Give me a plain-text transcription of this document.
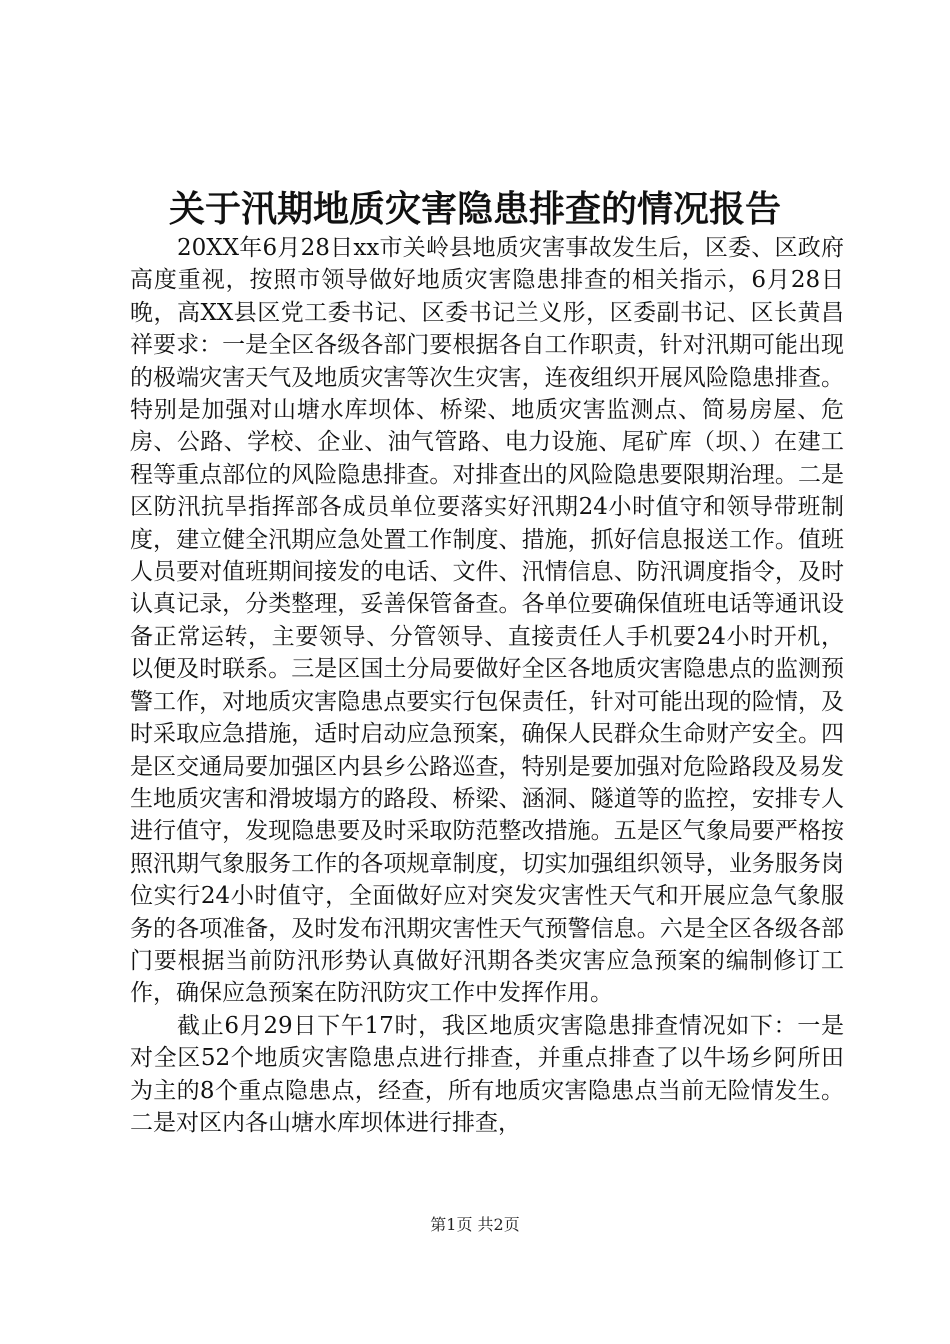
关于汛期地质灾害隐患排查的情况报告

20XX年6月28日xx市关岭县地质灾害事故发生后，区委、区政府高度重视，按照市领导做好地质灾害隐患排查的相关指示，6月28日晚，高XX县区党工委书记、区委书记兰义彤，区委副书记、区长黄昌祥要求：一是全区各级各部门要根据各自工作职责，针对汛期可能出现的极端灾害天气及地质灾害等次生灾害，连夜组织开展风险隐患排查。特别是加强对山塘水库坝体、桥梁、地质灾害监测点、简易房屋、危房、公路、学校、企业、油气管路、电力设施、尾矿库（坝、）在建工程等重点部位的风险隐患排查。对排查出的风险隐患要限期治理。二是区防汛抗旱指挥部各成员单位要落实好汛期24小时值守和领导带班制度，建立健全汛期应急处置工作制度、措施，抓好信息报送工作。值班人员要对值班期间接发的电话、文件、汛情信息、防汛调度指令，及时认真记录，分类整理，妥善保管备查。各单位要确保值班电话等通讯设备正常运转，主要领导、分管领导、直接责任人手机要24小时开机，以便及时联系。三是区国土分局要做好全区各地质灾害隐患点的监测预警工作，对地质灾害隐患点要实行包保责任，针对可能出现的险情，及时采取应急措施，适时启动应急预案，确保人民群众生命财产安全。四是区交通局要加强区内县乡公路巡查，特别是要加强对危险路段及易发生地质灾害和滑坡塌方的路段、桥梁、涵洞、隧道等的监控，安排专人进行值守，发现隐患要及时采取防范整改措施。五是区气象局要严格按照汛期气象服务工作的各项规章制度，切实加强组织领导，业务服务岗位实行24小时值守，全面做好应对突发灾害性天气和开展应急气象服务的各项准备，及时发布汛期灾害性天气预警信息。六是全区各级各部门要根据当前防汛形势认真做好汛期各类灾害应急预案的编制修订工作，确保应急预案在防汛防灾工作中发挥作用。

截止6月29日下午17时，我区地质灾害隐患排查情况如下：一是对全区52个地质灾害隐患点进行排查，并重点排查了以牛场乡阿所田为主的8个重点隐患点，经查，所有地质灾害隐患点当前无险情发生。二是对区内各山塘水库坝体进行排查，

第1页 共2页
